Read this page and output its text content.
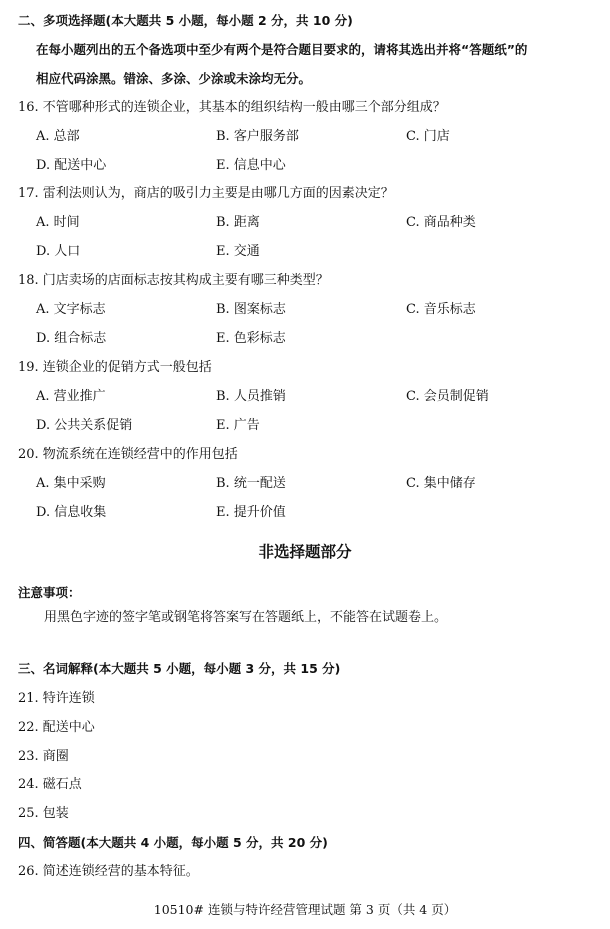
二、多项选择题(本大题共 5 小题，每小题 2 分，共 10 分)
在每小题列出的五个备选项中至少有两个是符合题目要求的，请将其选出并将“答题纸”的
相应代码涂黑。错涂、多涂、少涂或未涂均无分。
16. 不管哪种形式的连锁企业，其基本的组织结构一般由哪三个部分组成？
A. 总部	B. 客户服务部	C. 门店
D. 配送中心	E. 信息中心
17. 雷利法则认为，商店的吸引力主要是由哪几方面的因素决定？
A. 时间	B. 距离	C. 商品种类
D. 人口	E. 交通
18. 门店卖场的店面标志按其构成主要有哪三种类型？
A. 文字标志	B. 图案标志	C. 音乐标志
D. 组合标志	E. 色彩标志
19. 连锁企业的促销方式一般包括
A. 营业推广	B. 人员推销	C. 会员制促销
D. 公共关系促销	E. 广告
20. 物流系统在连锁经营中的作用包括
A. 集中采购	B. 统一配送	C. 集中储存
D. 信息收集	E. 提升价值
非选择题部分
注意事项：
用黑色字迹的签字笔或钢笔将答案写在答题纸上，不能答在试题卷上。
三、名词解释(本大题共 5 小题，每小题 3 分，共 15 分)
21. 特许连锁
22. 配送中心
23. 商圈
24. 磁石点
25. 包装
四、简答题(本大题共 4 小题，每小题 5 分，共 20 分)
26. 简述连锁经营的基本特征。
10510# 连锁与特许经营管理试题 第 3 页（共 4 页）
